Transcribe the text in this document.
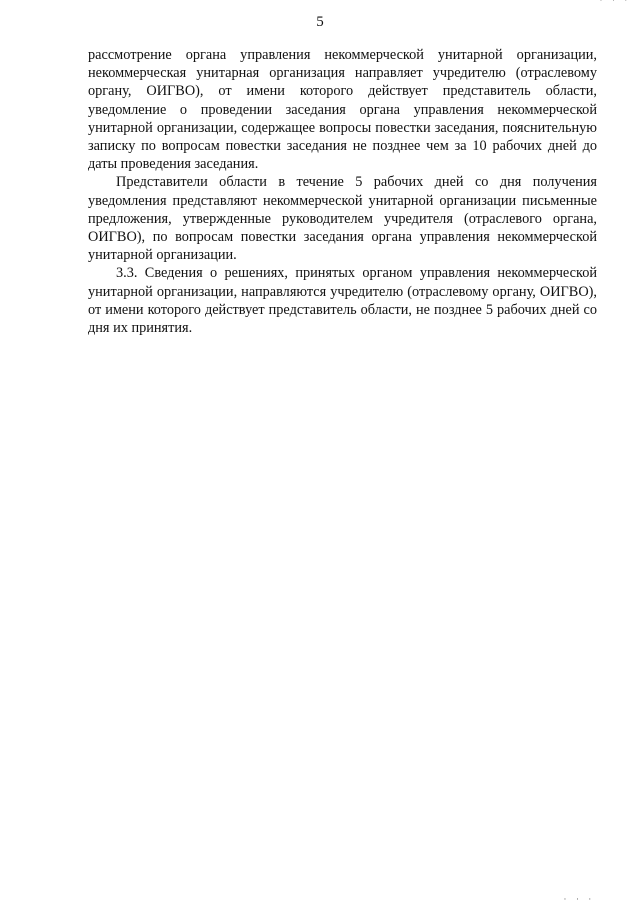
' ' '
5

рассмотрение органа управления некоммерческой унитарной организации, некоммерческая унитарная организация направляет учредителю (отраслевому органу, ОИГВО), от имени которого действует представитель области, уведомление о проведении заседания органа управления некоммерческой унитарной организации, содержащее вопросы повестки заседания, пояснительную записку по вопросам повестки заседания не позднее чем за 10 рабочих дней до даты проведения заседания.

Представители области в течение 5 рабочих дней со дня получения уведомления представляют некоммерческой унитарной организации письменные предложения, утвержденные руководителем учредителя (отраслевого органа, ОИГВО), по вопросам повестки заседания органа управления некоммерческой унитарной организации.

3.3. Сведения о решениях, принятых органом управления некоммерческой унитарной организации, направляются учредителю (отраслевому органу, ОИГВО), от имени которого действует представитель области, не позднее 5 рабочих дней со дня их принятия.

' ' '
